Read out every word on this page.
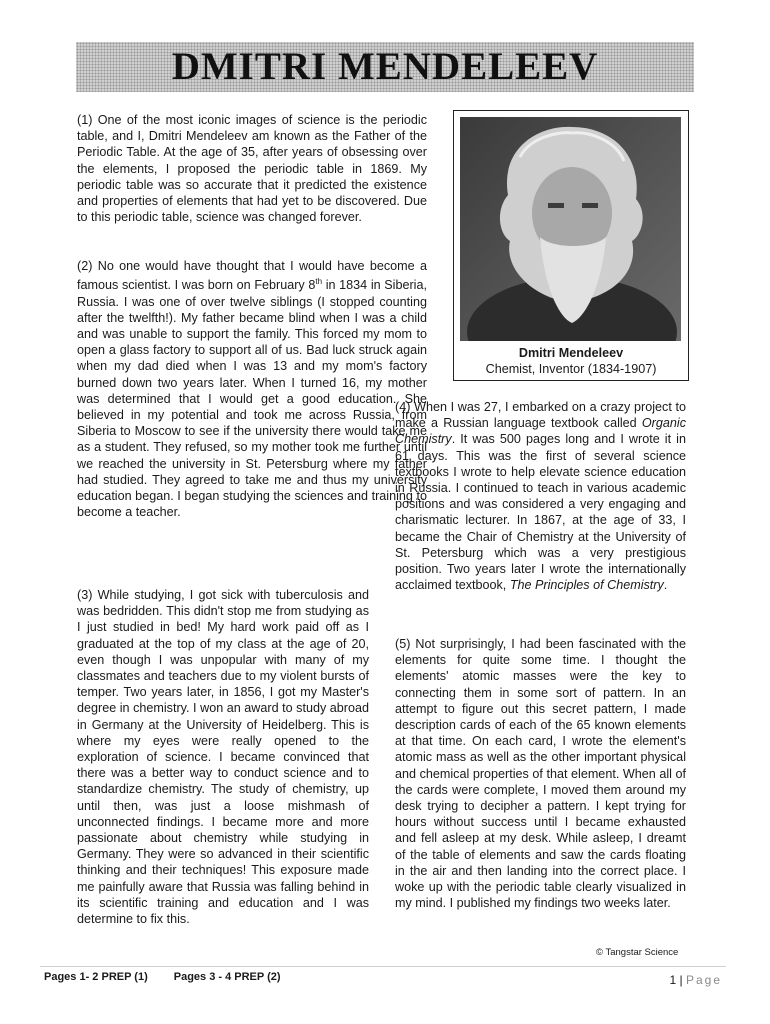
DMITRI MENDELEEV

(1) One of the most iconic images of science is the periodic table, and I, Dmitri Mendeleev am known as the Father of the Periodic Table. At the age of 35, after years of obsessing over the elements, I proposed the periodic table in 1869. My periodic table was so accurate that it predicted the existence and properties of elements that had yet to be discovered. Due to this periodic table, science was changed forever.

(2) No one would have thought that I would have become a famous scientist. I was born on February 8th in 1834 in Siberia, Russia. I was one of over twelve siblings (I stopped counting after the twelfth!). My father became blind when I was a child and was unable to support the family. This forced my mom to open a glass factory to support all of us. Bad luck struck again when my dad died when I was 13 and my mom's factory burned down two years later. When I turned 16, my mother was determined that I would get a good education. She believed in my potential and took me across Russia, from Siberia to Moscow to see if the university there would take me as a student. They refused, so my mother took me further until we reached the university in St. Petersburg where my father had studied. They agreed to take me and thus my university education began. I began studying the sciences and training to become a teacher.

(3) While studying, I got sick with tuberculosis and was bedridden. This didn't stop me from studying as I just studied in bed! My hard work paid off as I graduated at the top of my class at the age of 20, even though I was unpopular with many of my classmates and teachers due to my violent bursts of temper. Two years later, in 1856, I got my Master's degree in chemistry. I won an award to study abroad in Germany at the University of Heidelberg. This is where my eyes were really opened to the exploration of science. I became convinced that there was a better way to conduct science and to standardize chemistry. The study of chemistry, up until then, was just a loose mishmash of unconnected findings. I became more and more passionate about chemistry while studying in Germany. They were so advanced in their scientific thinking and their techniques! This exposure made me painfully aware that Russia was falling behind in its scientific training and education and I was determine to fix this.

Dmitri Mendeleev
Chemist, Inventor (1834-1907)

(4) When I was 27, I embarked on a crazy project to make a Russian language textbook called Organic Chemistry. It was 500 pages long and I wrote it in 61 days. This was the first of several science textbooks I wrote to help elevate science education in Russia. I continued to teach in various academic positions and was considered a very engaging and charismatic lecturer. In 1867, at the age of 33, I became the Chair of Chemistry at the University of St. Petersburg which was a very prestigious position. Two years later I wrote the internationally acclaimed textbook, The Principles of Chemistry.

(5) Not surprisingly, I had been fascinated with the elements for quite some time. I thought the elements' atomic masses were the key to connecting them in some sort of pattern. In an attempt to figure out this secret pattern, I made description cards of each of the 65 known elements at that time. On each card, I wrote the element's atomic mass as well as the other important physical and chemical properties of that element. When all of the cards were complete, I moved them around my desk trying to decipher a pattern. I kept trying for hours without success until I became exhausted and fell asleep at my desk. While asleep, I dreamt of the table of elements and saw the cards floating in the air and then landing into the correct place. I woke up with the periodic table clearly visualized in my mind. I published my findings two weeks later.

© Tangstar Science
Pages 1- 2 PREP (1) Pages 3 - 4 PREP (2)	1 | Page
